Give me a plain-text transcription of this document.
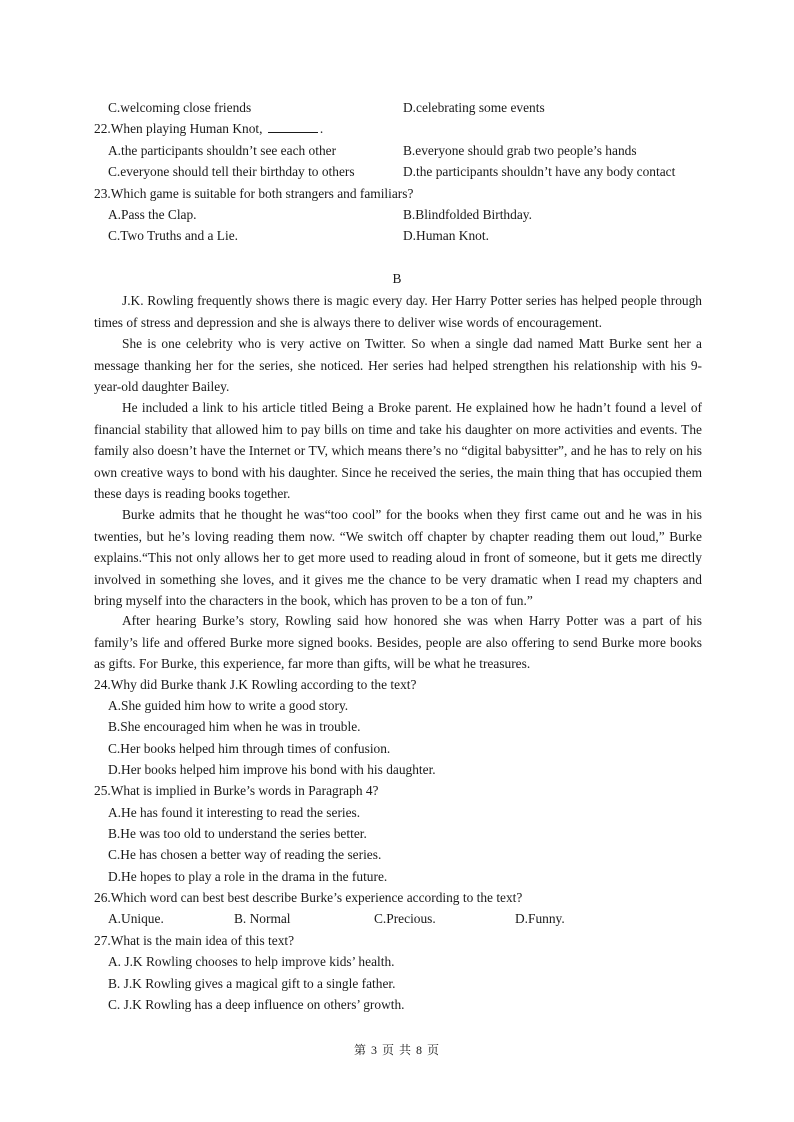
C.welcoming close friends	D.celebrating some events
22.When playing Human Knot,	.
A.the participants shouldn’t see each other	B.everyone should grab two people’s hands
C.everyone should tell their birthday to others	D.the participants shouldn’t have any body contact
23.Which game is suitable for both strangers and familiars?
A.Pass the Clap.	B.Blindfolded Birthday.
C.Two Truths and a Lie.	D.Human Knot.
B

J.K. Rowling frequently shows there is magic every day. Her Harry Potter series has helped people through times of stress and depression and she is always there to deliver wise words of encouragement.

She is one celebrity who is very active on Twitter. So when a single dad named Matt Burke sent her a message thanking her for the series, she noticed. Her series had helped strengthen his relationship with his 9-year-old daughter Bailey.

He included a link to his article titled Being a Broke parent. He explained how he hadn’t found a level of financial stability that allowed him to pay bills on time and take his daughter on more activities and events. The family also doesn’t have the Internet or TV, which means there’s no “digital babysitter”, and he has to rely on his own creative ways to bond with his daughter. Since he received the series, the main thing that has occupied them these days is reading books together.

Burke admits that he thought he was“too cool” for the books when they first came out and he was in his twenties, but he’s loving reading them now. “We switch off chapter by chapter reading them out loud,” Burke explains.“This not only allows her to get more used to reading aloud in front of someone, but it gets me directly involved in something she loves, and it gives me the chance to be very dramatic when I read my chapters and bring myself into the characters in the book, which has proven to be a ton of fun.”

After hearing Burke’s story, Rowling said how honored she was when Harry Potter was a part of his family’s life and offered Burke more signed books. Besides, people are also offering to send Burke more books as gifts. For Burke, this experience, far more than gifts, will be what he treasures.

24.Why did Burke thank J.K Rowling according to the text?
A.She guided him how to write a good story.
B.She encouraged him when he was in trouble.
C.Her books helped him through times of confusion.
D.Her books helped him improve his bond with his daughter.
25.What is implied in Burke’s words in Paragraph 4?
A.He has found it interesting to read the series.
B.He was too old to understand the series better.
C.He has chosen a better way of reading the series.
D.He hopes to play a role in the drama in the future.
26.Which word can best best describe Burke’s experience according to the text?
A.Unique.	B. Normal	C.Precious.	D.Funny.
27.What is the main idea of this text?
A. J.K Rowling chooses to help improve kids’ health.
B. J.K Rowling gives a magical gift to a single father.
C. J.K Rowling has a deep influence on others’ growth.
第 3 页 共 8 页
